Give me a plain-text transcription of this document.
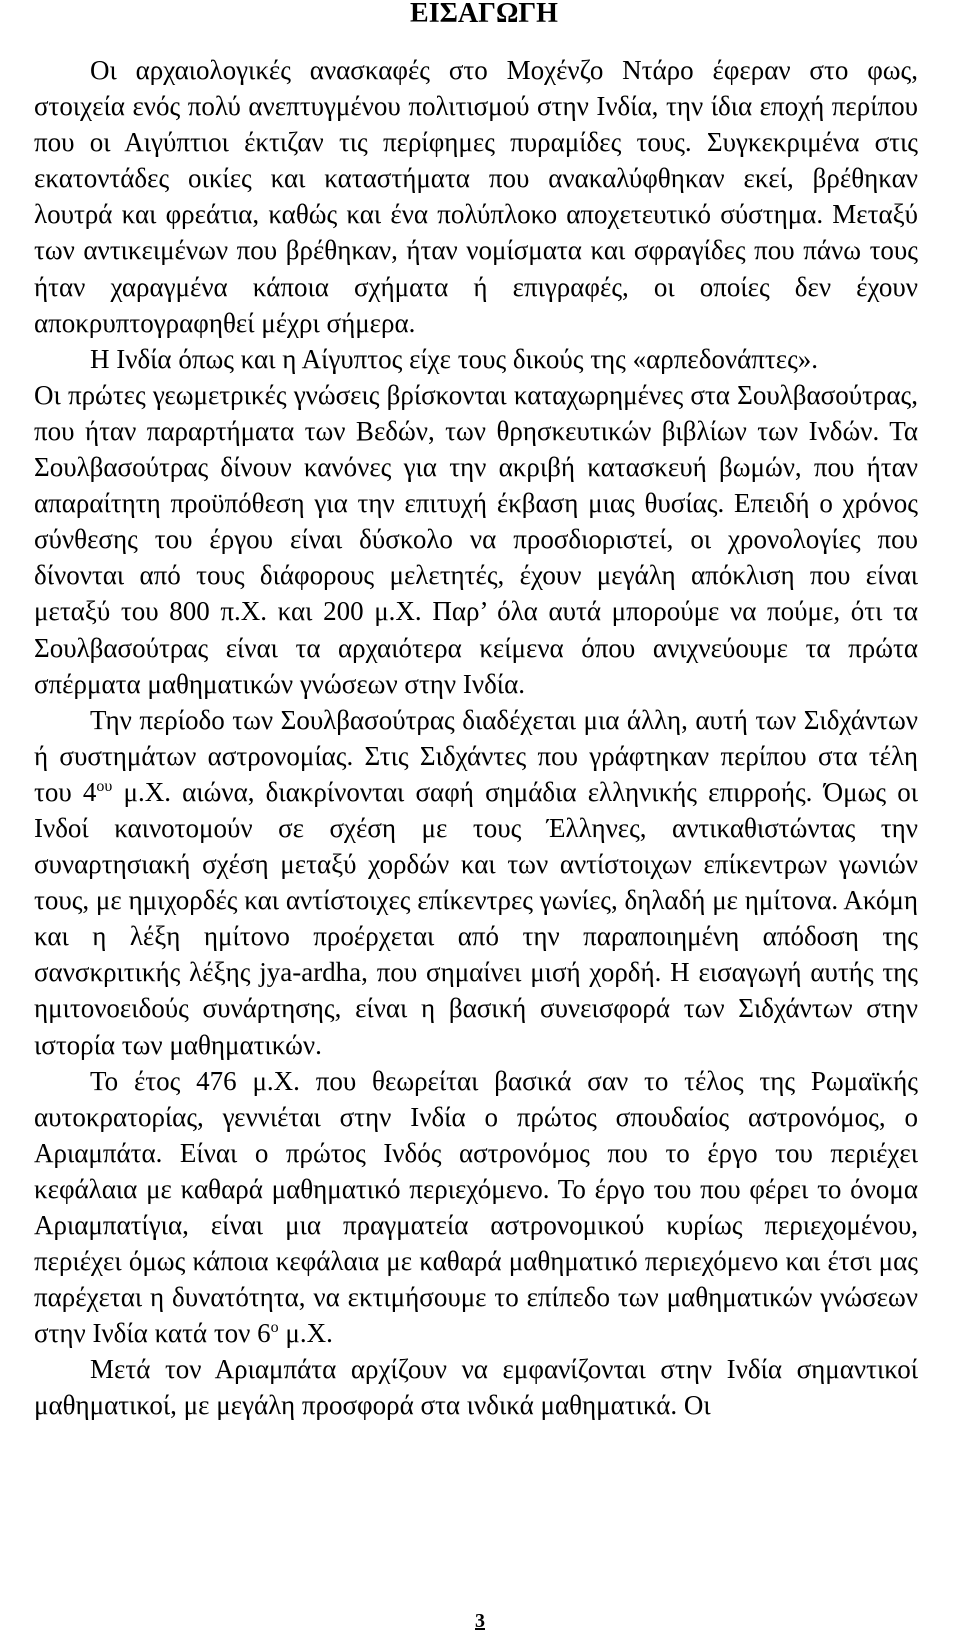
ΕΙΣΑΓΩΓΗ

Οι αρχαιολογικές ανασκαφές στο Μοχένζο Ντάρο έφεραν στο φως, στοιχεία ενός πολύ ανεπτυγμένου πολιτισμού στην Ινδία, την ίδια εποχή περίπου που οι Αιγύπτιοι έκτιζαν τις περίφημες πυραμίδες τους. Συγκεκριμένα στις εκατοντάδες οικίες και καταστήματα που ανακαλύφθηκαν εκεί, βρέθηκαν λουτρά και φρεάτια, καθώς και ένα πολύπλοκο αποχετευτικό σύστημα. Μεταξύ των αντικειμένων που βρέθηκαν, ήταν νομίσματα και σφραγίδες που πάνω τους ήταν χαραγμένα κάποια σχήματα ή επιγραφές, οι οποίες δεν έχουν αποκρυπτογραφηθεί μέχρι σήμερα.

Η Ινδία όπως και η Αίγυπτος είχε τους δικούς της «αρπεδονάπτες».

Οι πρώτες γεωμετρικές γνώσεις βρίσκονται καταχωρημένες στα Σουλβασούτρας, που ήταν παραρτήματα των Βεδών, των θρησκευτικών βιβλίων των Ινδών. Τα Σουλβασούτρας δίνουν κανόνες για την ακριβή κατασκευή βωμών, που ήταν απαραίτητη προϋπόθεση για την επιτυχή έκβαση μιας θυσίας. Επειδή ο χρόνος σύνθεσης του έργου είναι δύσκολο να προσδιοριστεί, οι χρονολογίες που δίνονται από τους διάφορους μελετητές, έχουν μεγάλη απόκλιση που είναι μεταξύ του 800 π.Χ. και 200 μ.Χ. Παρ’ όλα αυτά μπορούμε να πούμε, ότι τα Σουλβασούτρας είναι τα αρχαιότερα κείμενα όπου ανιχνεύουμε τα πρώτα σπέρματα μαθηματικών γνώσεων στην Ινδία.

Την περίοδο των Σουλβασούτρας διαδέχεται μια άλλη, αυτή των Σιδχάντων ή συστημάτων αστρονομίας. Στις Σιδχάντες που γράφτηκαν περίπου στα τέλη του $4^{o\upsilon}$ μ.Χ. αιώνα, διακρίνονται σαφή σημάδια ελληνικής επιρροής. Όμως οι Ινδοί καινοτομούν σε σχέση με τους Έλληνες, αντικαθιστώντας την συναρτησιακή σχέση μεταξύ χορδών και των αντίστοιχων επίκεντρων γωνιών τους, με ημιχορδές και αντίστοιχες επίκεντρες γωνίες, δηλαδή με ημίτονα. Ακόμη και η λέξη ημίτονο προέρχεται από την παραποιημένη απόδοση της σανσκριτικής λέξης jya-ardha, που σημαίνει μισή χορδή. Η εισαγωγή αυτής της ημιτονοειδούς συνάρτησης, είναι η βασική συνεισφορά των Σιδχάντων στην ιστορία των μαθηματικών.

Το έτος 476 μ.Χ. που θεωρείται βασικά σαν το τέλος της Ρωμαϊκής αυτοκρατορίας, γεννιέται στην Ινδία ο πρώτος σπουδαίος αστρονόμος, ο Αριαμπάτα. Είναι ο πρώτος Ινδός αστρονόμος που το έργο του περιέχει κεφάλαια με καθαρά μαθηματικό περιεχόμενο. Το έργο του που φέρει το όνομα Αριαμπατίγια, είναι μια πραγματεία αστρονομικού κυρίως περιεχομένου, περιέχει όμως κάποια κεφάλαια με καθαρά μαθηματικό περιεχόμενο και έτσι μας παρέχεται η δυνατότητα, να εκτιμήσουμε το επίπεδο των μαθηματικών γνώσεων στην Ινδία κατά τον $6^o$ μ.Χ.

Μετά τον Αριαμπάτα αρχίζουν να εμφανίζονται στην Ινδία σημαντικοί μαθηματικοί, με μεγάλη προσφορά στα ινδικά μαθηματικά. Οι

3
